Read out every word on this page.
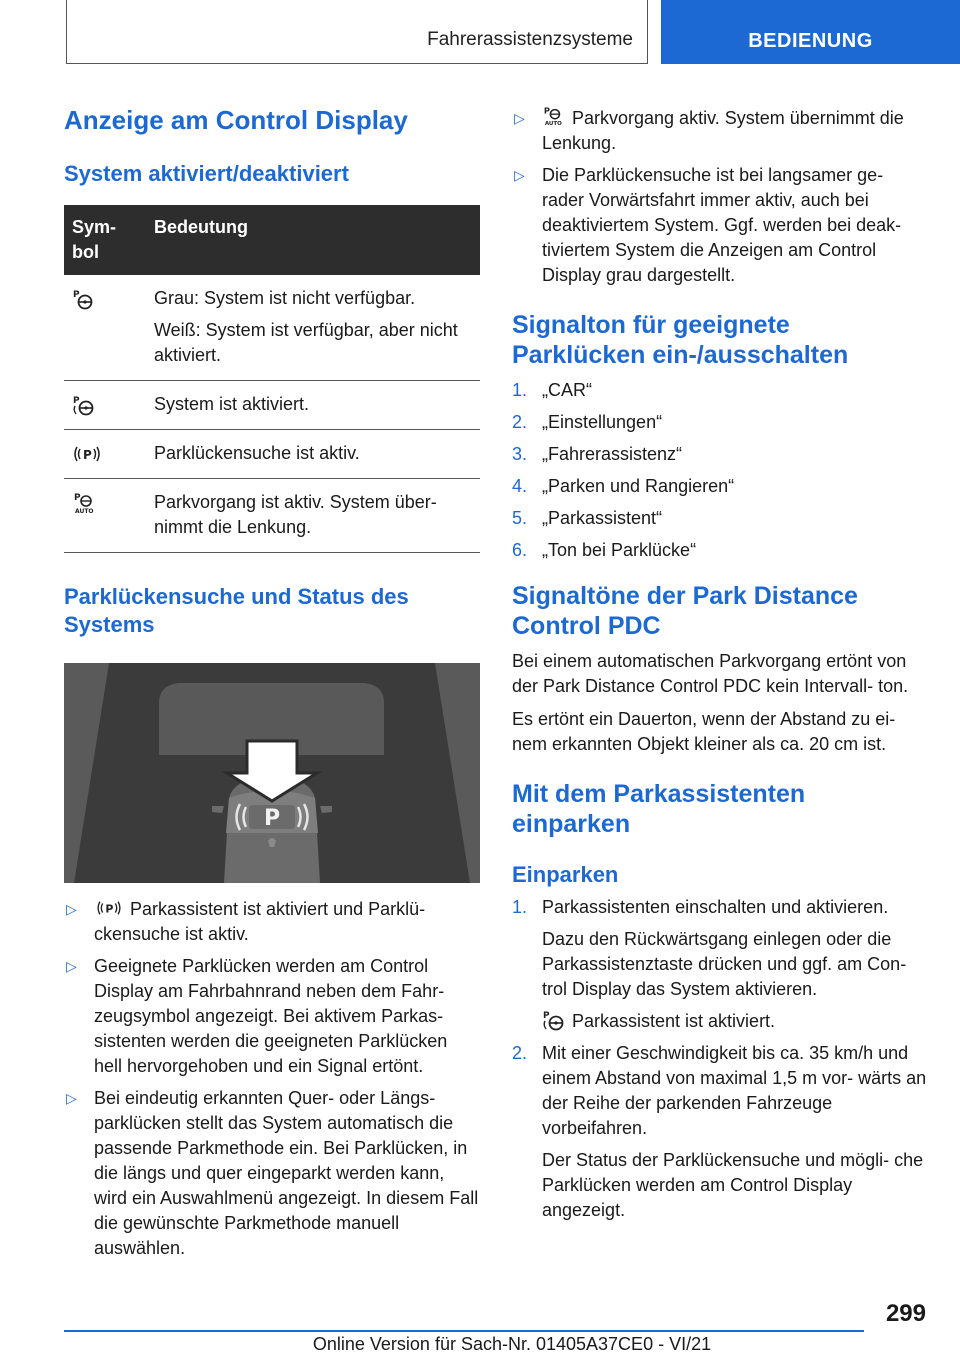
Fahrerassistenzsysteme	BEDIENUNG
Anzeige am Control Display
System aktiviert/deaktiviert
Sym‐
bol	Bedeutung

P	Grau: System ist nicht verfügbar.

Weiß: System ist verfügbar, aber nicht aktiviert.

P	System ist aktiviert.

P	Parklückensuche ist aktiv.

P
AUTO	Parkvorgang ist aktiv. System über‐ nimmt die Lenkung.

Parklückensuche und Status des Systems
P
▷ P Parkassistent ist aktiviert und Parklü‐ ckensuche ist aktiv.
▷ Geeignete Parklücken werden am Control Display am Fahrbahnrand neben dem Fahr‐ zeugsymbol angezeigt. Bei aktivem Parkas‐ sistenten werden die geeigneten Parklücken hell hervorgehoben und ein Signal ertönt.
▷ Bei eindeutig erkannten Quer- oder Längs‐ parklücken stellt das System automatisch die passende Parkmethode ein. Bei Parklücken, in die längs und quer eingeparkt werden kann, wird ein Auswahlmenü angezeigt. In diesem Fall die gewünschte Parkmethode manuell auswählen.
▷ P
AUTO Parkvorgang aktiv. System übernimmt die Lenkung.
▷ Die Parklückensuche ist bei langsamer ge‐ rader Vorwärtsfahrt immer aktiv, auch bei deaktiviertem System. Ggf. werden bei deak‐ tiviertem System die Anzeigen am Control Display grau dargestellt.
Signalton für geeignete Parklücken ein-/ausschalten
1. „CAR“
2. „Einstellungen“
3. „Fahrerassistenz“
4. „Parken und Rangieren“
5. „Parkassistent“
6. „Ton bei Parklücke“
Signaltöne der Park Distance Control PDC

Bei einem automatischen Parkvorgang ertönt von der Park Distance Control PDC kein Intervall‐ ton.

Es ertönt ein Dauerton, wenn der Abstand zu ei‐ nem erkannten Objekt kleiner als ca. 20 cm ist.

Mit dem Parkassistenten einparken
Einparken
1. Parkassistenten einschalten und aktivieren.

Dazu den Rückwärtsgang einlegen oder die Parkassistenztaste drücken und ggf. am Con‐ trol Display das System aktivieren.

P Parkassistent ist aktiviert.

2. Mit einer Geschwindigkeit bis ca. 35 km/h und einem Abstand von maximal 1,5 m vor‐ wärts an der Reihe der parkenden Fahrzeuge vorbeifahren.

Der Status der Parklückensuche und mögli‐ che Parklücken werden am Control Display angezeigt.

299
Online Version für Sach-Nr. 01405A37CE0 - VI/21
